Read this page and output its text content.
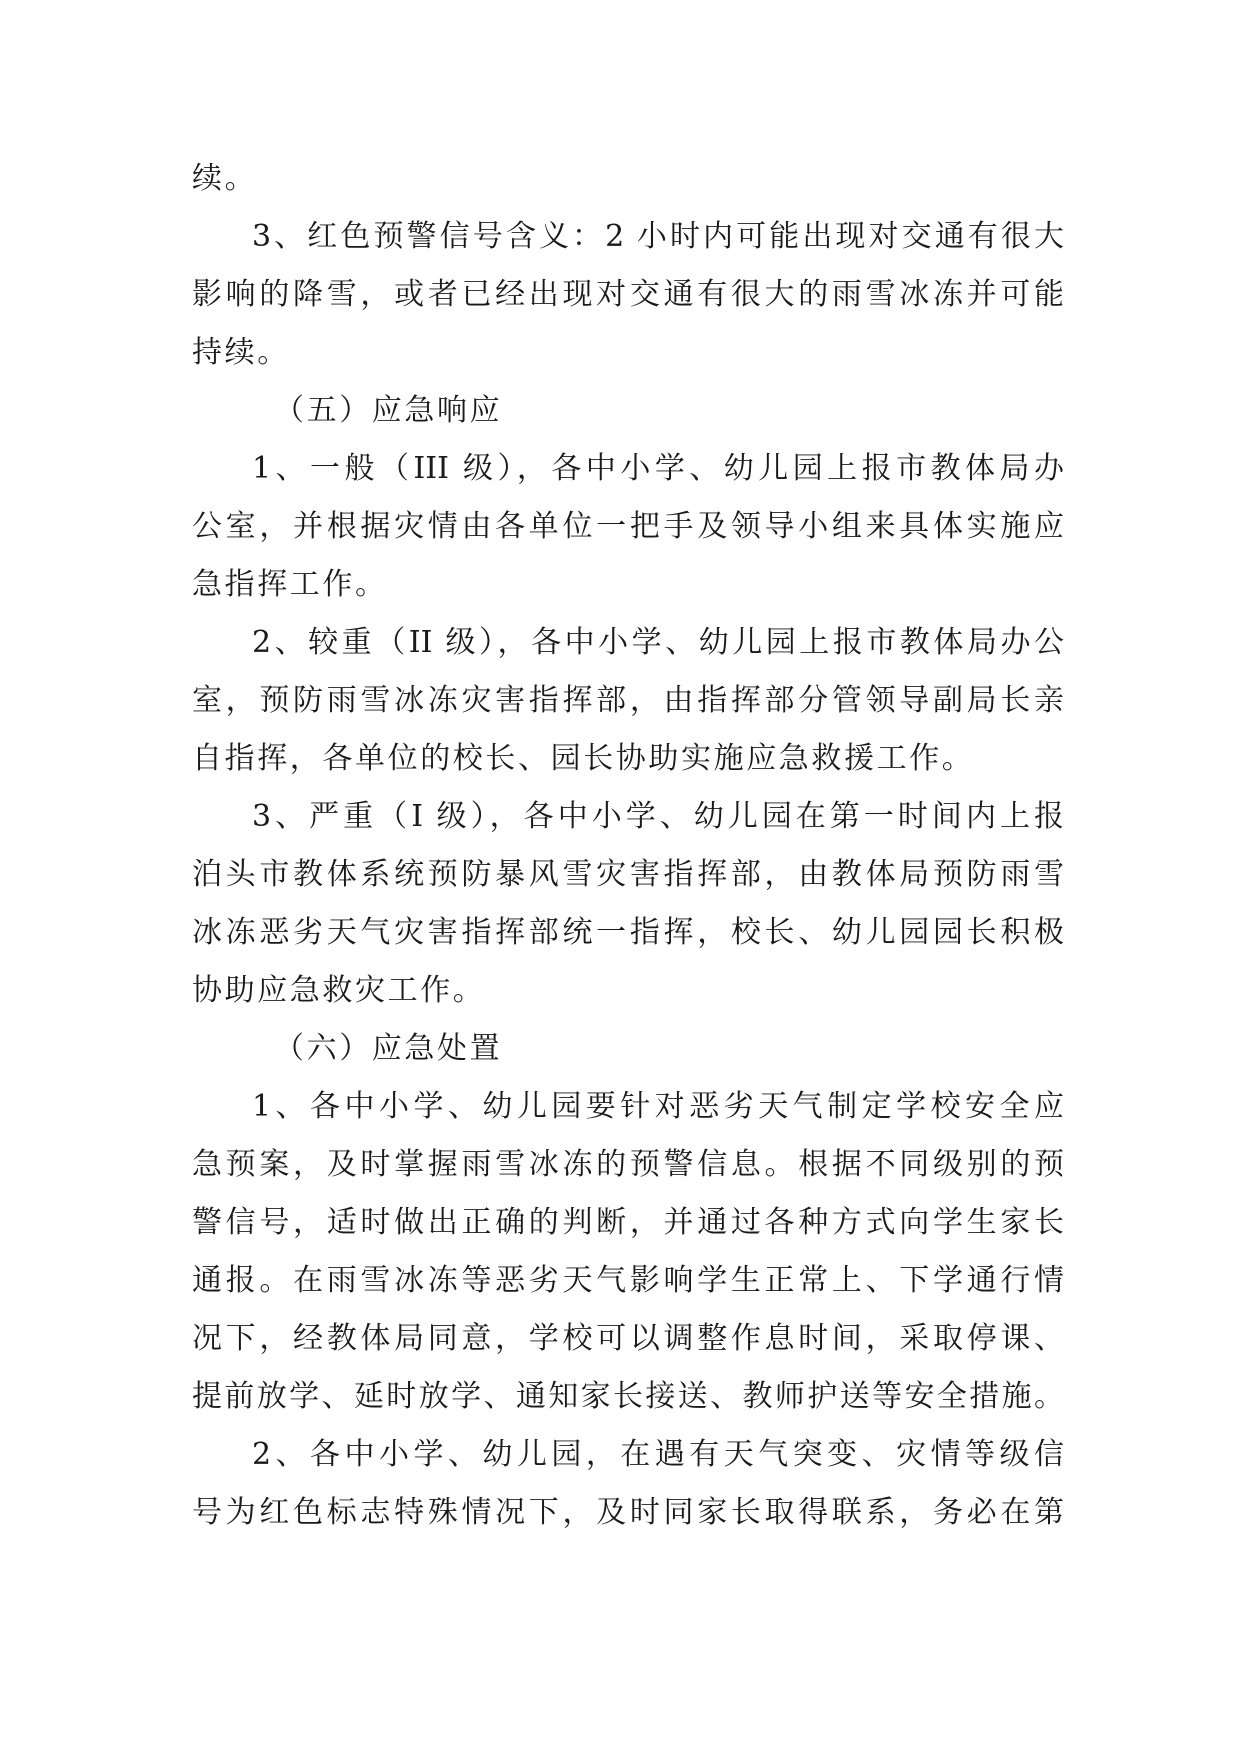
续。

3、红色预警信号含义：2 小时内可能出现对交通有很大

影响的降雪，或者已经出现对交通有很大的雨雪冰冻并可能

持续。

（五）应急响应

1、一般（III 级），各中小学、幼儿园上报市教体局办

公室，并根据灾情由各单位一把手及领导小组来具体实施应

急指挥工作。

2、较重（II 级），各中小学、幼儿园上报市教体局办公

室，预防雨雪冰冻灾害指挥部，由指挥部分管领导副局长亲

自指挥，各单位的校长、园长协助实施应急救援工作。

3、严重（I 级），各中小学、幼儿园在第一时间内上报

泊头市教体系统预防暴风雪灾害指挥部，由教体局预防雨雪

冰冻恶劣天气灾害指挥部统一指挥，校长、幼儿园园长积极

协助应急救灾工作。

（六）应急处置

1、各中小学、幼儿园要针对恶劣天气制定学校安全应

急预案，及时掌握雨雪冰冻的预警信息。根据不同级别的预

警信号，适时做出正确的判断，并通过各种方式向学生家长

通报。在雨雪冰冻等恶劣天气影响学生正常上、下学通行情

况下，经教体局同意，学校可以调整作息时间，采取停课、

提前放学、延时放学、通知家长接送、教师护送等安全措施。

2、各中小学、幼儿园，在遇有天气突变、灾情等级信

号为红色标志特殊情况下，及时同家长取得联系，务必在第
